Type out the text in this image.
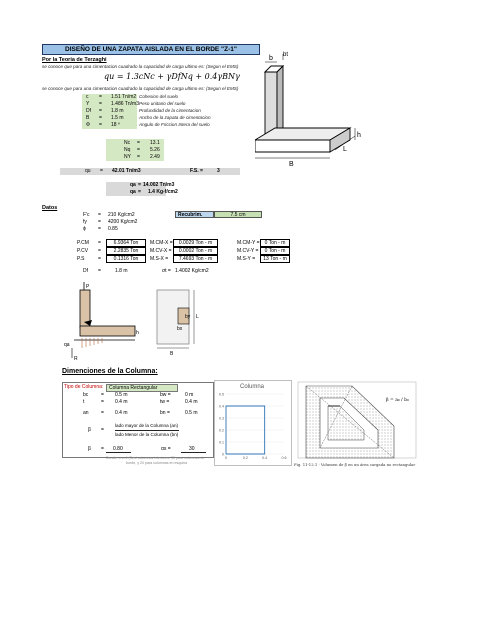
DISEÑO DE UNA ZAPATA AISLADA EN EL BORDE "Z-1"
Por la Teoria de Terzaghi
se conoce que para una cimentacion cuadrado la capacidad de carga ultimo es: (Segun el EMS)
qu = 1.3cNc + γDfNq + 0.4γBNγ
se conoce que para una cimentacion cuadrado la capacidad de carga ultimo es: (Segun el EMS)
c = 1.51 Tn/m2 Cohesion del suelo
Y = 1.486 Tn/m3 Peso unitario del suelo
Df = 1.8 m	Profundidad de la cimentacion
B = 1.5 m	Ancho de la zapata de cimentacion
Φ = 18 º	Angulo de Friccion Intera del suelo
Nc = 13.1
Nq = 5.26
NY = 2.49
qu = 42.01 Tn/m3	F.S. =	3
qa = 14.002 Tn/m3
qa = 1.4 Kg-f/cm2
Datos
F'c = 210 Kg/cm2
fy = 4200 Kg/cm2
ϕ = 0.85
Recubrim.	7.5 cm
P.CM =	6.9364 Ton	M.CM-X =	0.0029 Ton - m	M.CM-Y =	0 Ton - m
P.CV =	2.2835 Ton	M.CV-X =	0.0002 Ton - m	M.CV-Y =	0 Ton - m
P.S	=	0.1316 Ton	M.S-X =	7.4693 Ton - m	M.S-Y =	13 Ton - m
Df =	1.8 m	σt = 1.4002 Kg/cm2
b bt
h
L
B
P
h
qa
R
by
bx
L
B
Dimenciones de la Columna:
Tipo de Columna:	Columna Rectangular
bc	= 0.5 m	bw =	0 m
t	= 0.4 m	tw =	0.4 m
an = 0.4 m	bn =	0.5 m
β =
lado mayor de la Columna (an)
lado Menor de la Columna (bn)
β = 0.80	αs =	30
Donde: α s=4 (Sesi columnas interiores, 30 para columnas de
borde, y 20 para columnas en esquina
Columna
0
0.1
0.2
0.3
0.4
0.5
0	0.2	0.4	0.6
β = a₀ / b₀
Fig. 11-12.1 · Volumen de β en un área cargada no rectangular
